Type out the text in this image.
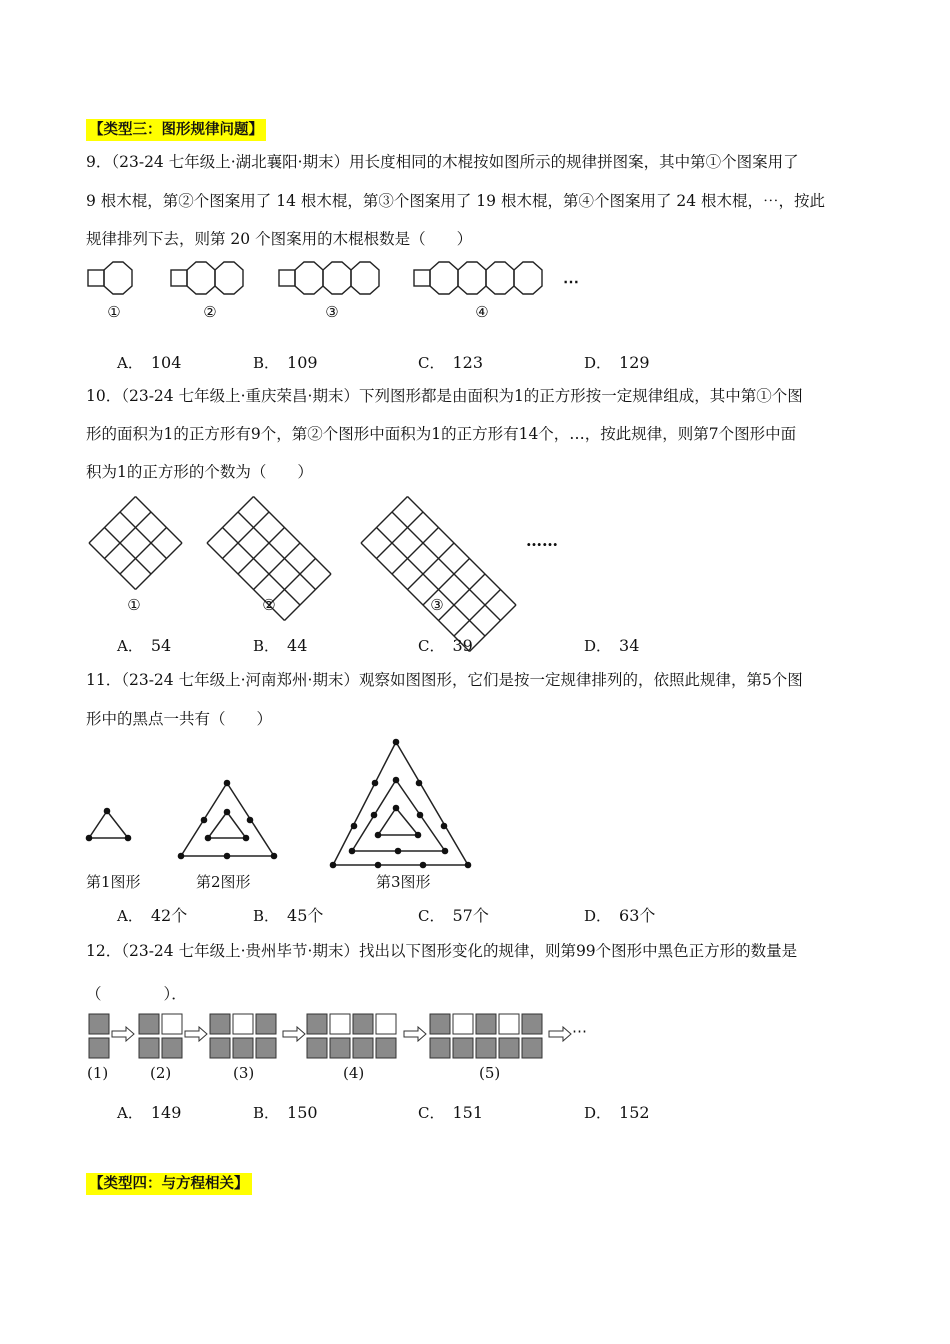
【类型三：图形规律问题】
9．（23-24 七年级上·湖北襄阳·期末）用长度相同的木棍按如图所示的规律拼图案，其中第①个图案用了
9 根木棍，第②个图案用了 14 根木棍，第③个图案用了 19 根木棍，第④个图案用了 24 根木棍，⋯，按此
规律排列下去，则第 20 个图案用的木棍根数是（　　）
⋯
①	②	③	④
A． 104	B． 109	C． 123	D． 129
10．（23-24 七年级上·重庆荣昌·期末）下列图形都是由面积为1的正方形按一定规律组成，其中第①个图
形的面积为1的正方形有9个，第②个图形中面积为1的正方形有14个，…，按此规律，则第7个图形中面
积为1的正方形的个数为（　　）
……
①	②	③
A． 54	B． 44	C． 39	D． 34
11．（23-24 七年级上·河南郑州·期末）观察如图图形，它们是按一定规律排列的，依照此规律，第5个图
形中的黑点一共有（　　）
第1图形	第2图形	第3图形
A． 42个	B． 45个	C． 57个	D． 63个
12．（23-24 七年级上·贵州毕节·期末）找出以下图形变化的规律，则第99个图形中黑色正方形的数量是
（　　　　）．
⋯
(1)	(2)	(3)	(4)	(5)
A． 149	B． 150	C． 151	D． 152
【类型四：与方程相关】
